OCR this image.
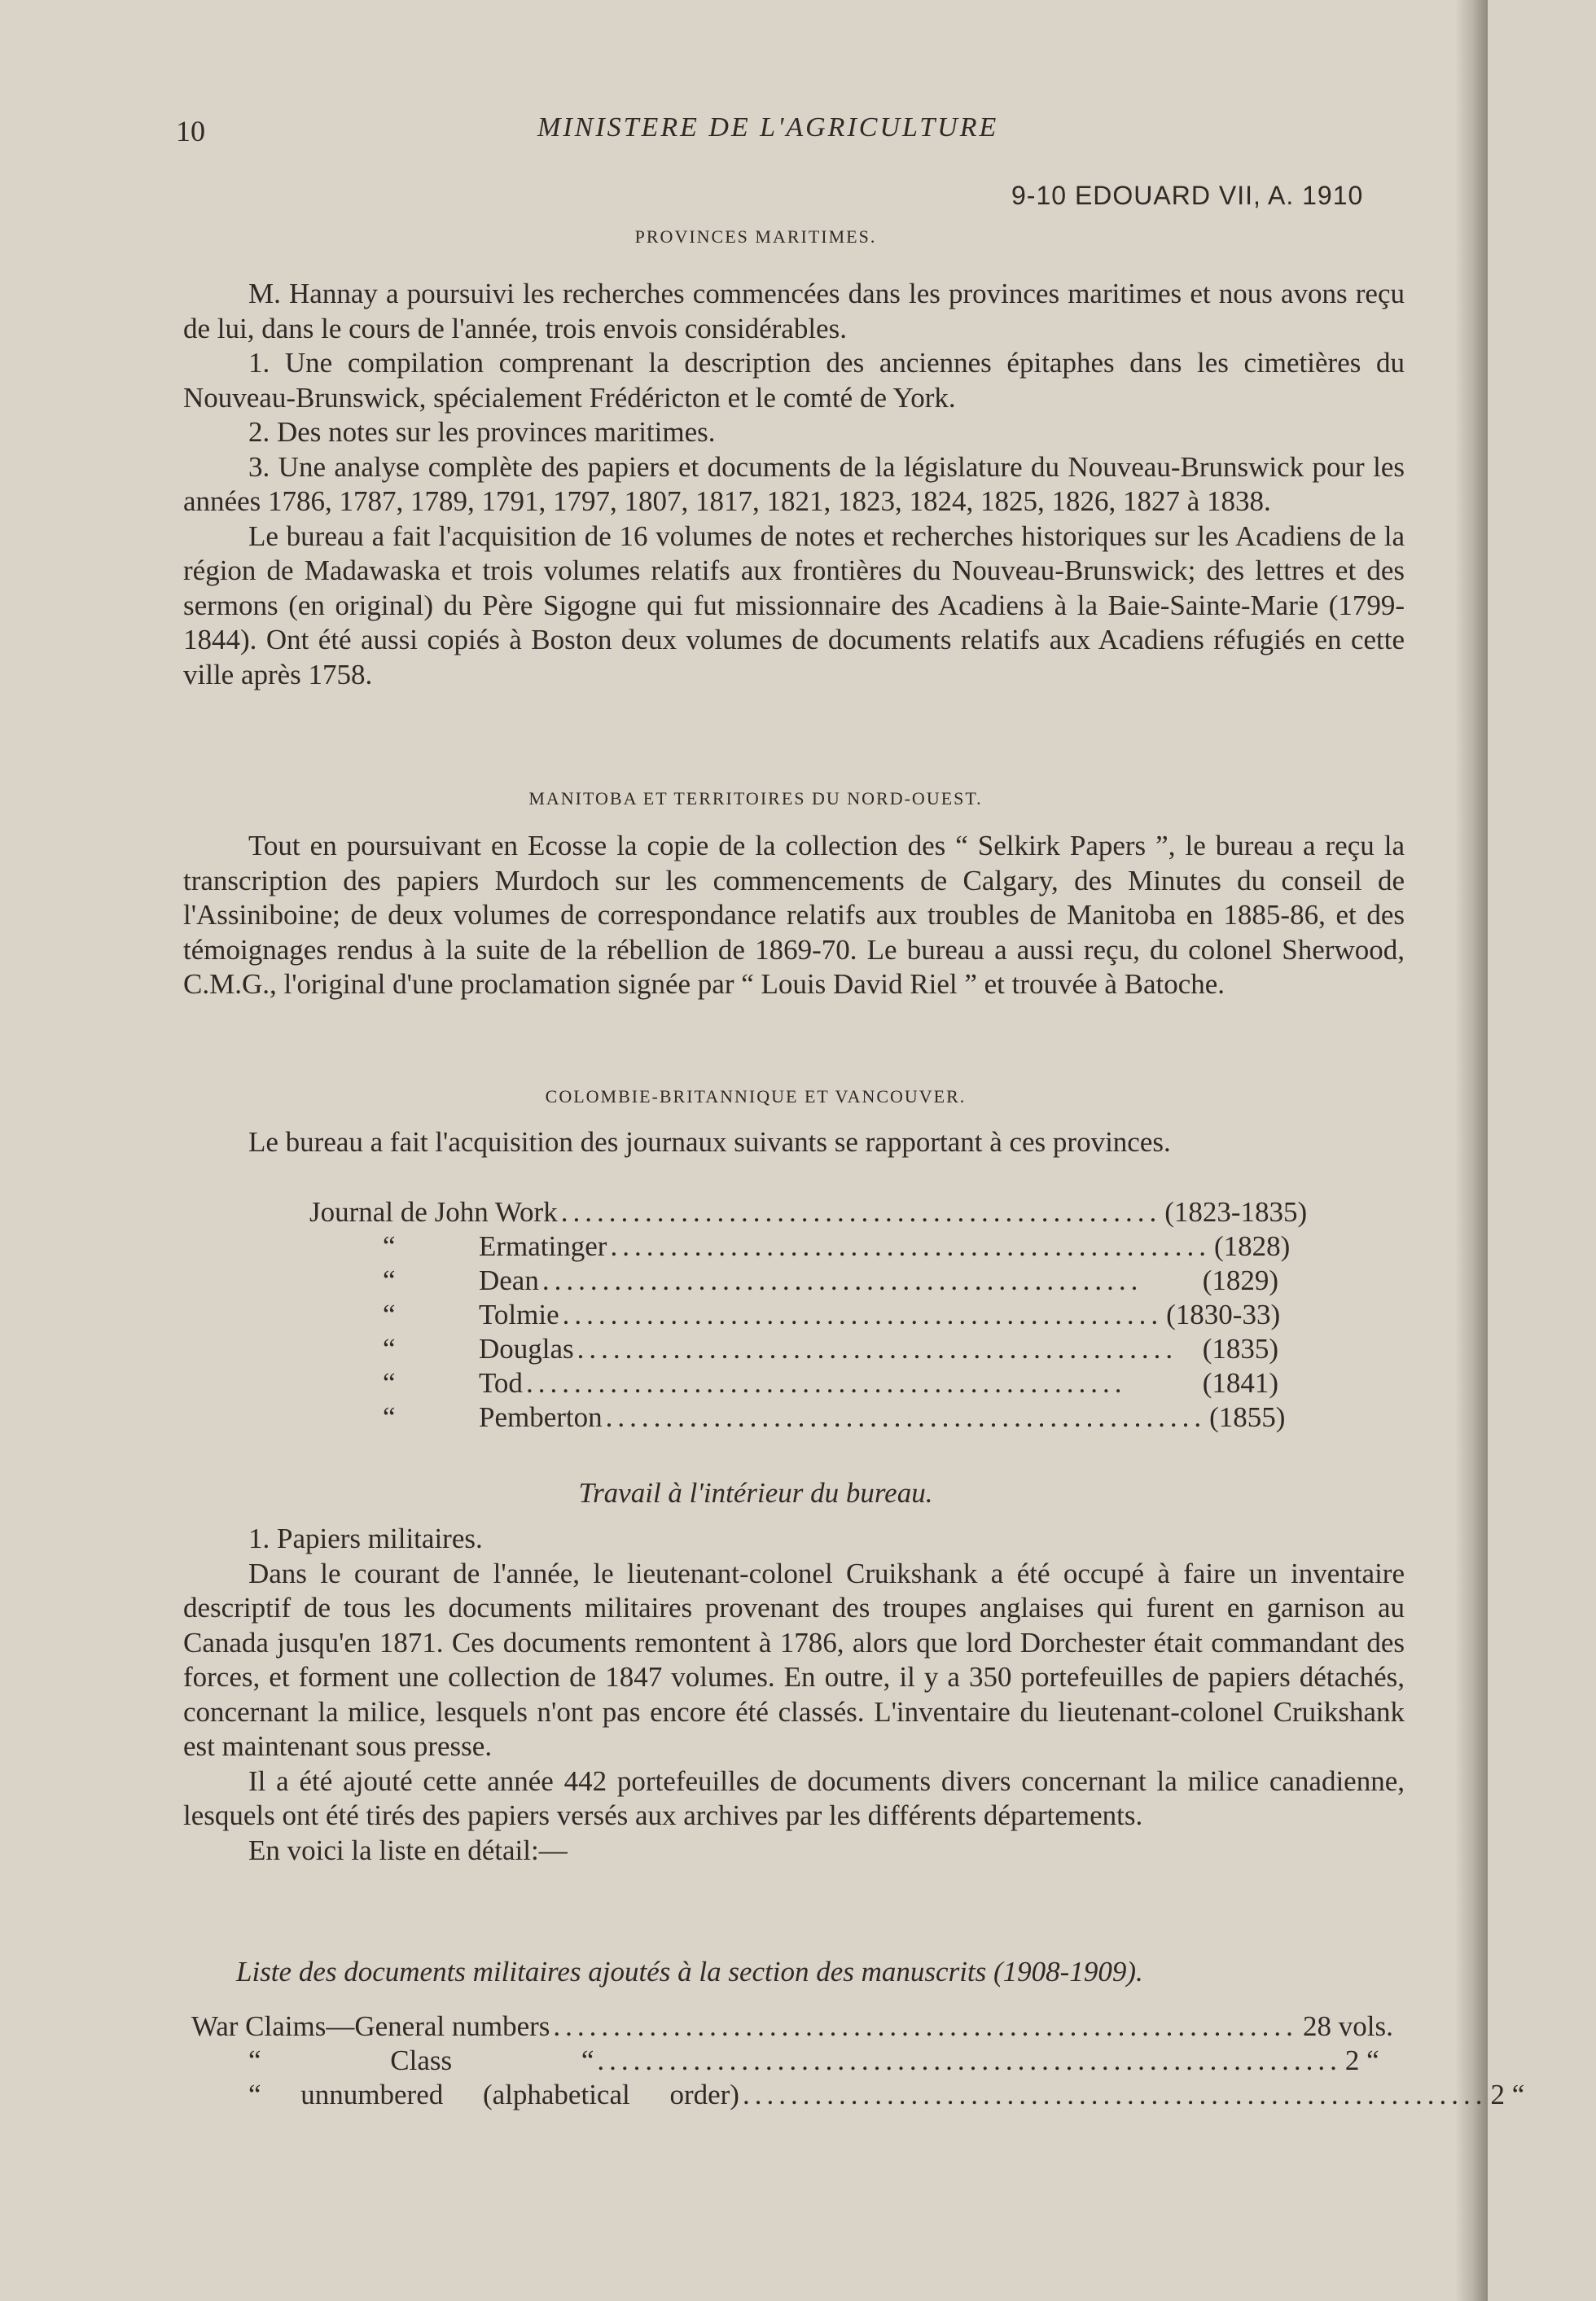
10	MINISTERE DE L'AGRICULTURE
9-10 EDOUARD VII, A. 1910
PROVINCES MARITIMES.

M. Hannay a poursuivi les recherches commencées dans les provinces maritimes et nous avons reçu de lui, dans le cours de l'année, trois envois considérables.

1. Une compilation comprenant la description des anciennes épitaphes dans les cimetières du Nouveau-Brunswick, spécialement Frédéricton et le comté de York.

2. Des notes sur les provinces maritimes.

3. Une analyse complète des papiers et documents de la législature du Nouveau-Brunswick pour les années 1786, 1787, 1789, 1791, 1797, 1807, 1817, 1821, 1823, 1824, 1825, 1826, 1827 à 1838.

Le bureau a fait l'acquisition de 16 volumes de notes et recherches historiques sur les Acadiens de la région de Madawaska et trois volumes relatifs aux frontières du Nouveau-Brunswick; des lettres et des sermons (en original) du Père Sigogne qui fut missionnaire des Acadiens à la Baie-Sainte-Marie (1799-1844). Ont été aussi copiés à Boston deux volumes de documents relatifs aux Acadiens réfugiés en cette ville après 1758.

MANITOBA ET TERRITOIRES DU NORD-OUEST.

Tout en poursuivant en Ecosse la copie de la collection des “ Selkirk Papers ”, le bureau a reçu la transcription des papiers Murdoch sur les commencements de Calgary, des Minutes du conseil de l'Assiniboine; de deux volumes de correspondance relatifs aux troubles de Manitoba en 1885-86, et des témoignages rendus à la suite de la rébellion de 1869-70. Le bureau a aussi reçu, du colonel Sherwood, C.M.G., l'original d'une proclamation signée par “ Louis David Riel ” et trouvée à Batoche.

COLOMBIE-BRITANNIQUE ET VANCOUVER.

Le bureau a fait l'acquisition des journaux suivants se rapportant à ces provinces.

Journal de John Work .................................................. (1823-1835)
“	Ermatinger .................................................. (1828)
“	Dean ..................................................	(1829)
“	Tolmie .................................................. (1830-33)
“	Douglas .................................................. (1835)
“	Tod ..................................................	(1841)
“	Pemberton .................................................. (1855)
Travail à l'intérieur du bureau.

1. Papiers militaires.

Dans le courant de l'année, le lieutenant-colonel Cruikshank a été occupé à faire un inventaire descriptif de tous les documents militaires provenant des troupes anglaises qui furent en garnison au Canada jusqu'en 1871. Ces documents remontent à 1786, alors que lord Dorchester était commandant des forces, et forment une collection de 1847 volumes. En outre, il y a 350 portefeuilles de papiers détachés, concernant la milice, lesquels n'ont pas encore été classés. L'inventaire du lieutenant-colonel Cruikshank est maintenant sous presse.

Il a été ajouté cette année 442 portefeuilles de documents divers concernant la milice canadienne, lesquels ont été tirés des papiers versés aux archives par les différents départements.

En voici la liste en détail:—

Liste des documents militaires ajoutés à la section des manuscrits (1908-1909).
War Claims—General numbers .............................................................. 28 vols.
“ Class “ .............................................................. 2 “
“ unnumbered (alphabetical order) .............................................................. 2 “
